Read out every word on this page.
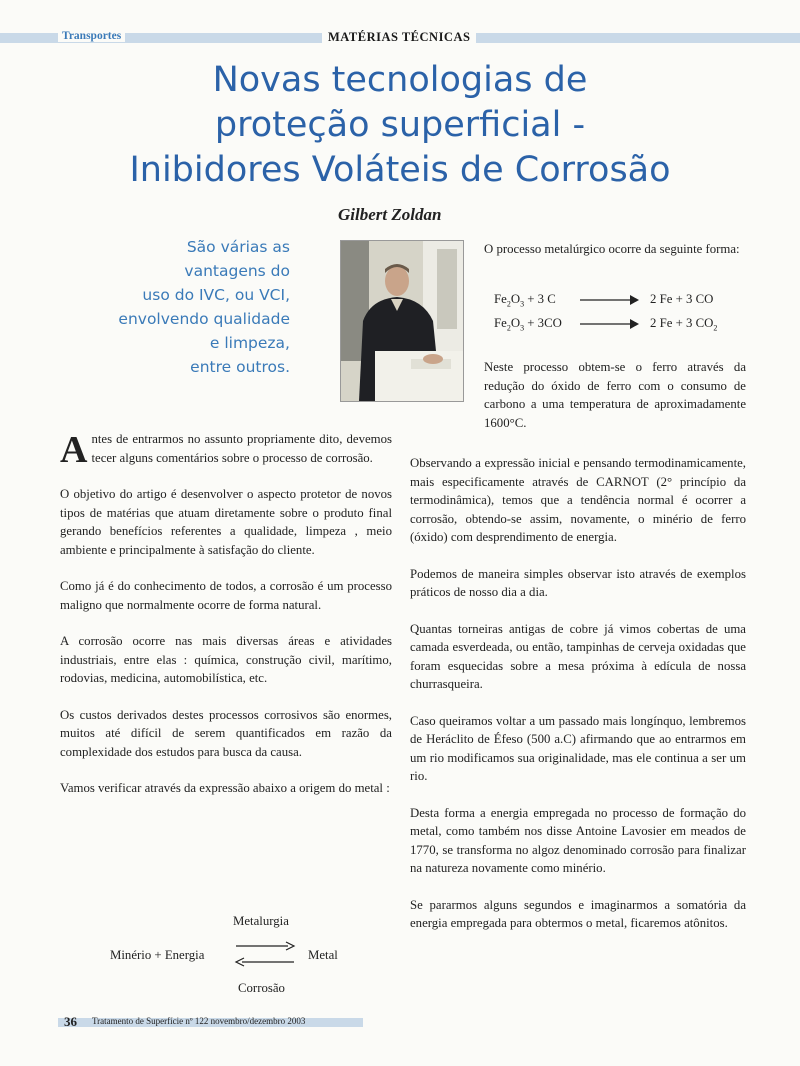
Transportes	MATÉRIAS TÉCNICAS
Novas tecnologias de
proteção superficial -
Inibidores Voláteis de Corrosão
Gilbert Zoldan
São várias as
vantagens do
uso do IVC, ou VCI,
envolvendo qualidade
e limpeza,
entre outros.
O processo metalúrgico ocorre da seguinte forma:
$Fe_2O_3 + 3$ C	2 Fe + 3 CO
$Fe_2O_3 + 3CO$	2 Fe + 3 $CO_2$
Neste processo obtem-se o ferro através da redução do óxido de ferro com o consumo de carbono a uma temperatura de aproximadamente 1600°C.

Antes de entrarmos no assunto propriamente dito, devemos tecer alguns comentários sobre o processo de corrosão.

O objetivo do artigo é desenvolver o aspecto protetor de novos tipos de matérias que atuam diretamente sobre o produto final gerando benefícios referentes a qualidade, limpeza , meio ambiente e principalmente à satisfação do cliente.

Como já é do conhecimento de todos, a corrosão é um processo maligno que normalmente ocorre de forma natural.

A corrosão ocorre nas mais diversas áreas e atividades industriais, entre elas : química, construção civil, marítimo, rodovias, medicina, automobilística, etc.

Os custos derivados destes processos corrosivos são enormes, muitos até difícil de serem quantificados em razão da complexidade dos estudos para busca da causa.

Vamos verificar através da expressão abaixo a origem do metal :

Metalurgia
Minério + Energia ⇌ Metal
Corrosão

Observando a expressão inicial e pensando termodinamicamente, mais especificamente através de CARNOT (2° princípio da termodinâmica), temos que a tendência normal é ocorrer a corrosão, obtendo-se assim, novamente, o minério de ferro (óxido) com desprendimento de energia.

Podemos de maneira simples observar isto através de exemplos práticos de nosso dia a dia.

Quantas torneiras antigas de cobre já vimos cobertas de uma camada esverdeada, ou então, tampinhas de cerveja oxidadas que foram esquecidas sobre a mesa próxima à edícula de nossa churrasqueira.

Caso queiramos voltar a um passado mais longínquo, lembremos de Heráclito de Éfeso (500 a.C) afirmando que ao entrarmos em um rio modificamos sua originalidade, mas ele continua a ser um rio.

Desta forma a energia empregada no processo de formação do metal, como também nos disse Antoine Lavosier em meados de 1770, se transforma no algoz denominado corrosão para finalizar na natureza novamente como minério.

Se pararmos alguns segundos e imaginarmos a somatória da energia empregada para obtermos o metal, ficaremos atônitos.

36 Tratamento de Superfície nº 122 novembro/dezembro 2003
